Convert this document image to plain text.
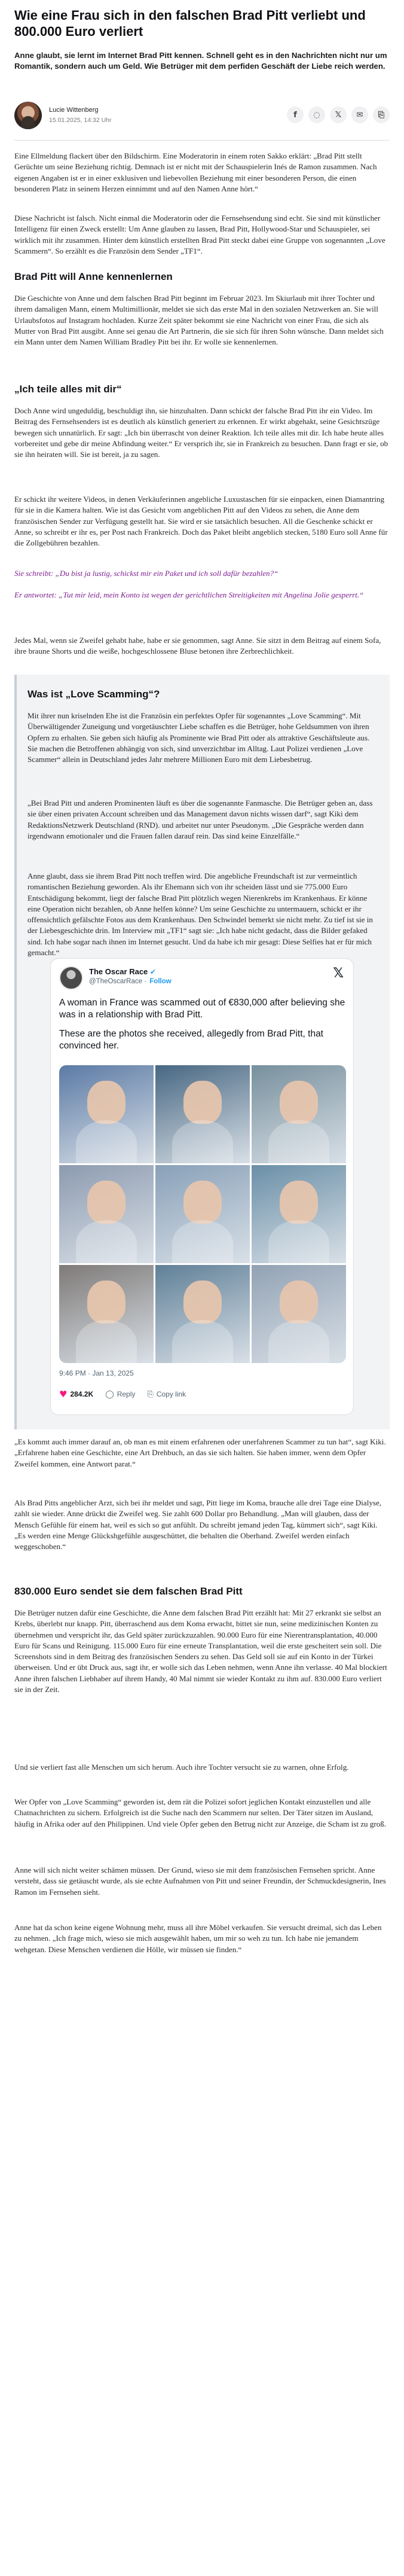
Wie eine Frau sich in den falschen Brad Pitt verliebt und 800.000 Euro verliert
Anne glaubt, sie lernt im Internet Brad Pitt kennen. Schnell geht es in den Nachrichten nicht nur um Romantik, sondern auch um Geld. Wie Betrüger mit dem perfiden Geschäft der Liebe reich werden.
Lucie Wittenberg
15.01.2025, 14:32 Uhr
f	◌	𝕏	✉	⎘
Eine Ellmeldung flackert über den Bildschirm. Eine Moderatorin in einem roten Sakko erklärt: „Brad Pitt stellt Gerüchte um seine Beziehung richtig. Demnach ist er nicht mit der Schauspielerin Inés de Ramon zusammen. Nach eigenen Angaben ist er in einer exklusiven und liebevollen Beziehung mit einer besonderen Person, die einen besonderen Platz in seinem Herzen einnimmt und auf den Namen Anne hört.“
Diese Nachricht ist falsch. Nicht einmal die Moderatorin oder die Fernsehsendung sind echt. Sie sind mit künstlicher Intelligenz für einen Zweck erstellt: Um Anne glauben zu lassen, Brad Pitt, Hollywood-Star und Schauspieler, sei wirklich mit ihr zusammen. Hinter dem künstlich erstellten Brad Pitt steckt dabei eine Gruppe von sogenannten „Love Scammern“. So erzählt es die Französin dem Sender „TF1“.
Brad Pitt will Anne kennenlernen
Die Geschichte von Anne und dem falschen Brad Pitt beginnt im Februar 2023. Im Skiurlaub mit ihrer Tochter und ihrem damaligen Mann, einem Multimillionär, meldet sie sich das erste Mal in den sozialen Netzwerken an. Sie will Urlaubsfotos auf Instagram hochladen. Kurze Zeit später bekommt sie eine Nachricht von einer Frau, die sich als Mutter von Brad Pitt ausgibt. Anne sei genau die Art Partnerin, die sie sich für ihren Sohn wünsche. Dann meldet sich ein Mann unter dem Namen William Bradley Pitt bei ihr. Er wolle sie kennenlernen.
„Ich teile alles mit dir“
Doch Anne wird ungeduldig, beschuldigt ihn, sie hinzuhalten. Dann schickt der falsche Brad Pitt ihr ein Video. Im Beitrag des Fernsehsenders ist es deutlich als künstlich generiert zu erkennen. Er wirkt abgehakt, seine Gesichtszüge bewegen sich unnatürlich. Er sagt: „Ich bin überrascht von deiner Reaktion. Ich teile alles mit dir. Ich habe heute alles vorbereitet und gebe dir meine Abfindung weiter.“ Er versprich ihr, sie in Frankreich zu besuchen. Dann fragt er sie, ob sie ihn heiraten will. Sie ist bereit, ja zu sagen.
Er schickt ihr weitere Videos, in denen Verkäuferinnen angebliche Luxustaschen für sie einpacken, einen Diamantring für sie in die Kamera halten. Wie ist das Gesicht vom angeblichen Pitt auf den Videos zu sehen, die Anne dem französischen Sender zur Verfügung gestellt hat. Sie wird er sie tatsächlich besuchen. All die Geschenke schickt er Anne, so schreibt er ihr es, per Post nach Frankreich. Doch das Paket bleibt angeblich stecken, 5180 Euro soll Anne für die Zollgebühren bezahlen.

Sie schreibt: „Du bist ja lustig, schickst mir ein Paket und ich soll dafür bezahlen?“

Er antwortet: „Tut mir leid, mein Konto ist wegen der gerichtlichen Streitigkeiten mit Angelina Jolie gesperrt.“

Jedes Mal, wenn sie Zweifel gehabt habe, habe er sie genommen, sagt Anne. Sie sitzt in dem Beitrag auf einem Sofa, ihre braune Shorts und die weiße, hochgeschlossene Bluse betonen ihre Zerbrechlichkeit.
Was ist „Love Scamming“?
Mit ihrer nun kriselnden Ehe ist die Französin ein perfektes Opfer für sogenanntes „Love Scamming“. Mit Überwältigender Zuneigung und vorgetäuschter Liebe schaffen es die Betrüger, hohe Geldsummen von ihren Opfern zu erhalten. Sie geben sich häufig als Prominente wie Brad Pitt oder als attraktive Geschäftsleute aus. Sie machen die Betroffenen abhängig von sich, sind unverzichtbar im Alltag. Laut Polizei verdienen „Love Scammer“ allein in Deutschland jedes Jahr mehrere Millionen Euro mit dem Liebesbetrug.
„Bei Brad Pitt und anderen Prominenten läuft es über die sogenannte Fanmasche. Die Betrüger geben an, dass sie über einen privaten Account schreiben und das Management davon nichts wissen darf“, sagt Kiki dem RedaktionsNetzwerk Deutschland (RND). und arbeitet nur unter Pseudonym. „Die Gespräche werden dann irgendwann emotionaler und die Frauen fallen darauf rein. Das sind keine Einzelfälle.“
Anne glaubt, dass sie ihrem Brad Pitt noch treffen wird. Die angebliche Freundschaft ist zur vermeintlich romantischen Beziehung geworden. Als ihr Ehemann sich von ihr scheiden lässt und sie 775.000 Euro Entschädigung bekommt, liegt der falsche Brad Pitt plötzlich wegen Nierenkrebs im Krankenhaus. Er könne eine Operation nicht bezahlen, ob Anne helfen könne? Um seine Geschichte zu untermauern, schickt er ihr offensichtlich gefälschte Fotos aus dem Krankenhaus. Den Schwindel bemerkt sie nicht mehr. Zu tief ist sie in der Liebesgeschichte drin. Im Interview mit „TF1“ sagt sie: „Ich habe nicht gedacht, dass die Bilder gefaked sind. Ich habe sogar nach ihnen im Internet gesucht. Und da habe ich mir gesagt: Diese Selfies hat er für mich gemacht.“
The Oscar Race ✔
@TheOscarRace · Follow
𝕏

A woman in France was scammed out of €830,000 after believing she was in a relationship with Brad Pitt.

These are the photos she received, allegedly from Brad Pitt, that convinced her.

9:46 PM · Jan 13, 2025
♥ 284.2K ◯ Reply ⎘ Copy link
„Es kommt auch immer darauf an, ob man es mit einem erfahrenen oder unerfahrenen Scammer zu tun hat“, sagt Kiki. „Erfahrene haben eine Geschichte, eine Art Drehbuch, an das sie sich halten. Sie haben immer, wenn dem Opfer Zweifel kommen, eine Antwort parat.“
Als Brad Pitts angeblicher Arzt, sich bei ihr meldet und sagt, Pitt liege im Koma, brauche alle drei Tage eine Dialyse, zahlt sie wieder. Anne drückt die Zweifel weg. Sie zahlt 600 Dollar pro Behandlung. „Man will glauben, dass der Mensch Gefühle für einem hat, weil es sich so gut anfühlt. Du schreibt jemand jeden Tag, kümmert sich“, sagt Kiki. „Es werden eine Menge Glückshgefühle ausgeschüttet, die behalten die Oberhand. Zweifel werden einfach weggeschoben.“
830.000 Euro sendet sie dem falschen Brad Pitt
Die Betrüger nutzen dafür eine Geschichte, die Anne dem falschen Brad Pitt erzählt hat: Mit 27 erkrankt sie selbst an Krebs, überlebt nur knapp. Pitt, überraschend aus dem Koma erwacht, bittet sie nun, seine medizinischen Konten zu übernehmen und verspricht ihr, das Geld später zurückzuzahlen. 90.000 Euro für eine Nierentransplantation, 40.000 Euro für Scans und Reinigung. 115.000 Euro für eine erneute Transplantation, weil die erste gescheitert sein soll. Die Screenshots sind in dem Beitrag des französischen Senders zu sehen. Das Geld soll sie auf ein Konto in der Türkei überweisen. Und er übt Druck aus, sagt ihr, er wolle sich das Leben nehmen, wenn Anne ihn verlasse. 40 Mal blockiert Anne ihren falschen Liebhaber auf ihrem Handy, 40 Mal nimmt sie wieder Kontakt zu ihm auf. 830.000 Euro verliert sie in der Zeit.
Und sie verliert fast alle Menschen um sich herum. Auch ihre Tochter versucht sie zu warnen, ohne Erfolg.
Wer Opfer von „Love Scamming“ geworden ist, dem rät die Polizei sofort jeglichen Kontakt einzustellen und alle Chatnachrichten zu sichern. Erfolgreich ist die Suche nach den Scammern nur selten. Der Täter sitzen im Ausland, häufig in Afrika oder auf den Philippinen. Und viele Opfer geben den Betrug nicht zur Anzeige, die Scham ist zu groß.
Anne will sich nicht weiter schämen müssen. Der Grund, wieso sie mit dem französischen Fernsehen spricht. Anne versteht, dass sie getäuscht wurde, als sie echte Aufnahmen von Pitt und seiner Freundin, der Schmuckdesignerin, Ines Ramon im Fernsehen sieht.
Anne hat da schon keine eigene Wohnung mehr, muss all ihre Möbel verkaufen. Sie versucht dreimal, sich das Leben zu nehmen. „Ich frage mich, wieso sie mich ausgewählt haben, um mir so weh zu tun. Ich habe nie jemandem wehgetan. Diese Menschen verdienen die Hölle, wir müssen sie finden.“
